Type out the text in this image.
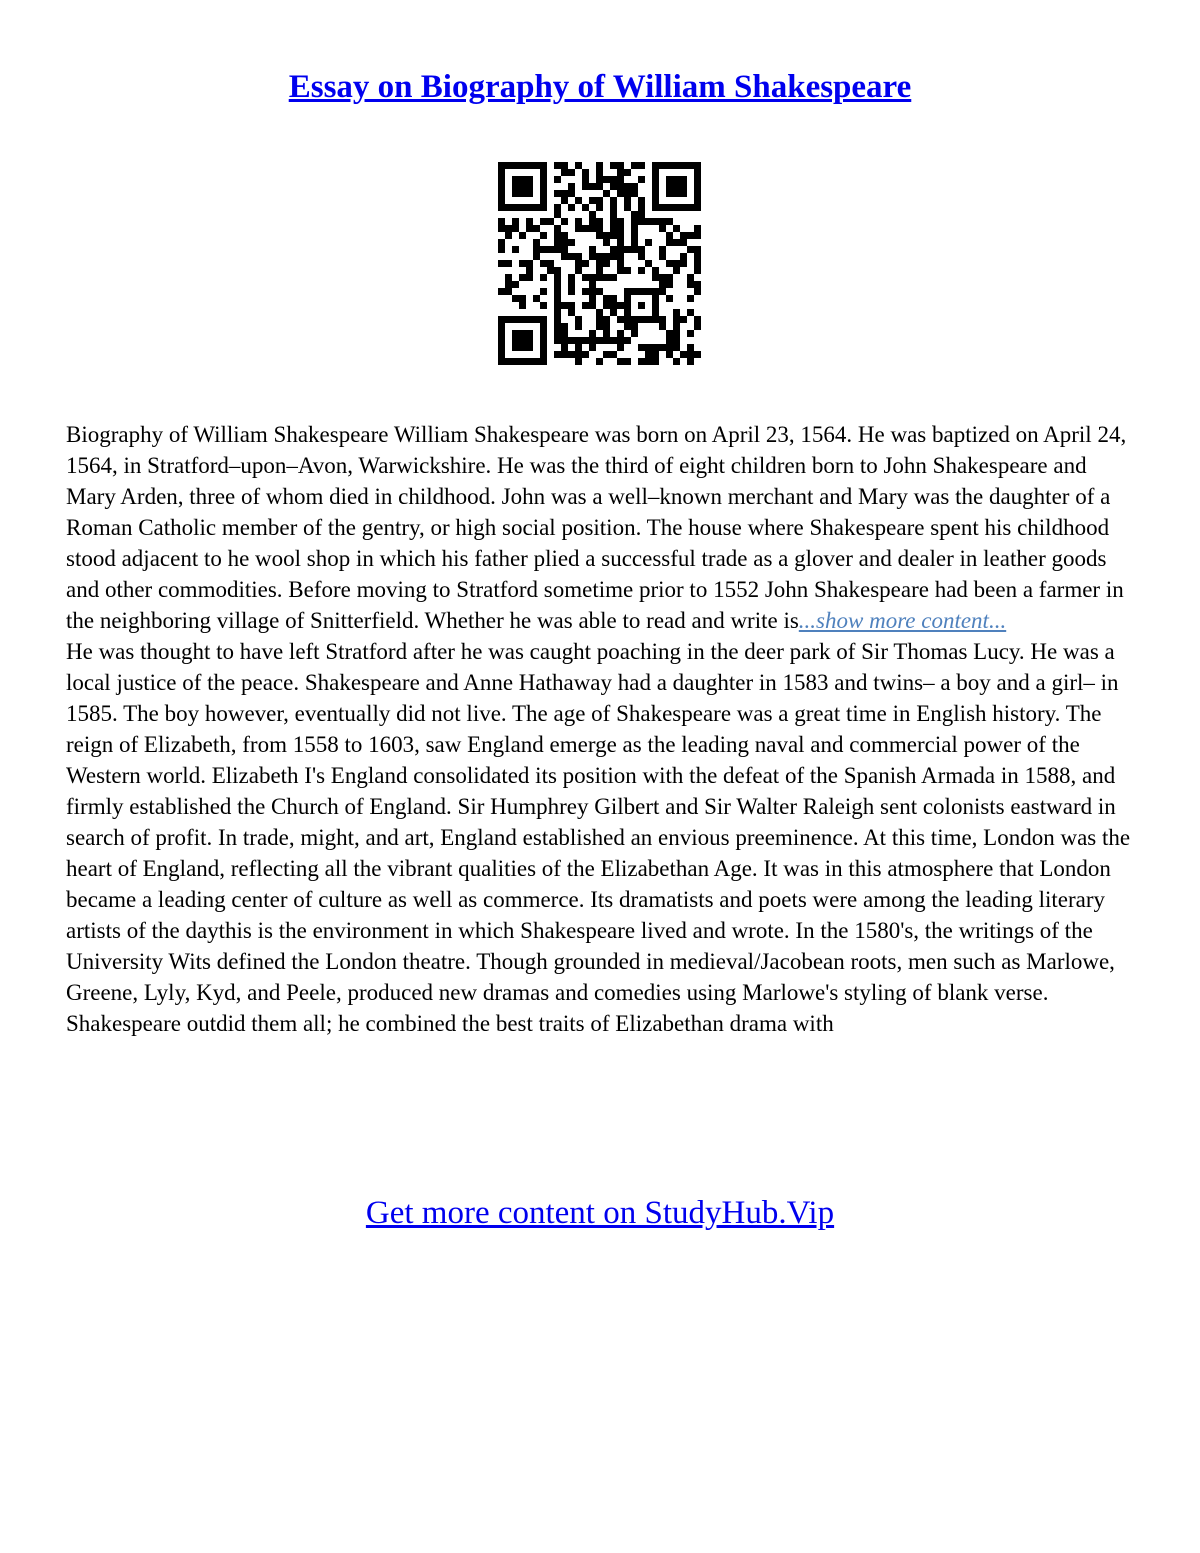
Essay on Biography of William Shakespeare

Biography of William Shakespeare William Shakespeare was born on April 23, 1564. He was baptized on April 24, 1564, in Stratford–upon–Avon, Warwickshire. He was the third of eight children born to John Shakespeare and Mary Arden, three of whom died in childhood. John was a well–known merchant and Mary was the daughter of a Roman Catholic member of the gentry, or high social position. The house where Shakespeare spent his childhood stood adjacent to he wool shop in which his father plied a successful trade as a glover and dealer in leather goods and other commodities. Before moving to Stratford sometime prior to 1552 John Shakespeare had been a farmer in the neighboring village of Snitterfield. Whether he was able to read and write is...show more content...

He was thought to have left Stratford after he was caught poaching in the deer park of Sir Thomas Lucy. He was a local justice of the peace. Shakespeare and Anne Hathaway had a daughter in 1583 and twins– a boy and a girl– in 1585. The boy however, eventually did not live. The age of Shakespeare was a great time in English history. The reign of Elizabeth, from 1558 to 1603, saw England emerge as the leading naval and commercial power of the Western world. Elizabeth I's England consolidated its position with the defeat of the Spanish Armada in 1588, and firmly established the Church of England. Sir Humphrey Gilbert and Sir Walter Raleigh sent colonists eastward in search of profit. In trade, might, and art, England established an envious preeminence. At this time, London was the heart of England, reflecting all the vibrant qualities of the Elizabethan Age. It was in this atmosphere that London became a leading center of culture as well as commerce. Its dramatists and poets were among the leading literary artists of the daythis is the environment in which Shakespeare lived and wrote. In the 1580's, the writings of the University Wits defined the London theatre. Though grounded in medieval/Jacobean roots, men such as Marlowe, Greene, Lyly, Kyd, and Peele, produced new dramas and comedies using Marlowe's styling of blank verse. Shakespeare outdid them all; he combined the best traits of Elizabethan drama with

Get more content on StudyHub.Vip
